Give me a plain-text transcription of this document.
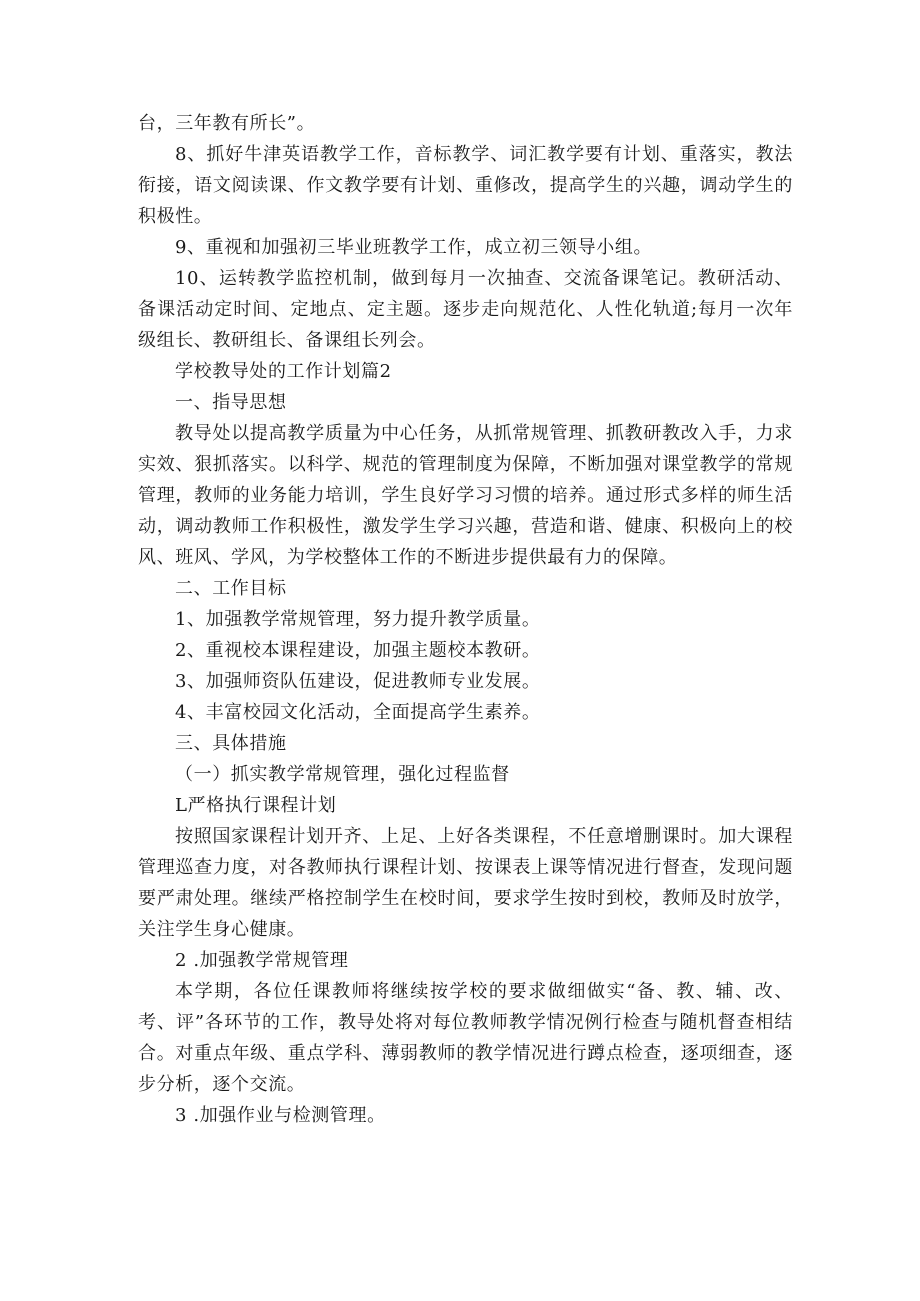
台，三年教有所长”。

8、抓好牛津英语教学工作，音标教学、词汇教学要有计划、重落实，教法衔接，语文阅读课、作文教学要有计划、重修改，提高学生的兴趣，调动学生的积极性。

9、重视和加强初三毕业班教学工作，成立初三领导小组。

10、运转教学监控机制，做到每月一次抽查、交流备课笔记。教研活动、备课活动定时间、定地点、定主题。逐步走向规范化、人性化轨道;每月一次年级组长、教研组长、备课组长列会。

学校教导处的工作计划篇2

一、指导思想

教导处以提高教学质量为中心任务，从抓常规管理、抓教研教改入手，力求实效、狠抓落实。以科学、规范的管理制度为保障，不断加强对课堂教学的常规管理，教师的业务能力培训，学生良好学习习惯的培养。通过形式多样的师生活动，调动教师工作积极性，激发学生学习兴趣，营造和谐、健康、积极向上的校风、班风、学风，为学校整体工作的不断进步提供最有力的保障。

二、工作目标

1、加强教学常规管理，努力提升教学质量。

2、重视校本课程建设，加强主题校本教研。

3、加强师资队伍建设，促进教师专业发展。

4、丰富校园文化活动，全面提高学生素养。

三、具体措施

（一）抓实教学常规管理，强化过程监督

L严格执行课程计划

按照国家课程计划开齐、上足、上好各类课程，不任意增删课时。加大课程管理巡查力度，对各教师执行课程计划、按课表上课等情况进行督查，发现问题要严肃处理。继续严格控制学生在校时间，要求学生按时到校，教师及时放学，关注学生身心健康。

2 .加强教学常规管理

本学期，各位任课教师将继续按学校的要求做细做实“备、教、辅、改、考、评”各环节的工作，教导处将对每位教师教学情况例行检查与随机督查相结合。对重点年级、重点学科、薄弱教师的教学情况进行蹲点检查，逐项细查，逐步分析，逐个交流。

3 .加强作业与检测管理。
